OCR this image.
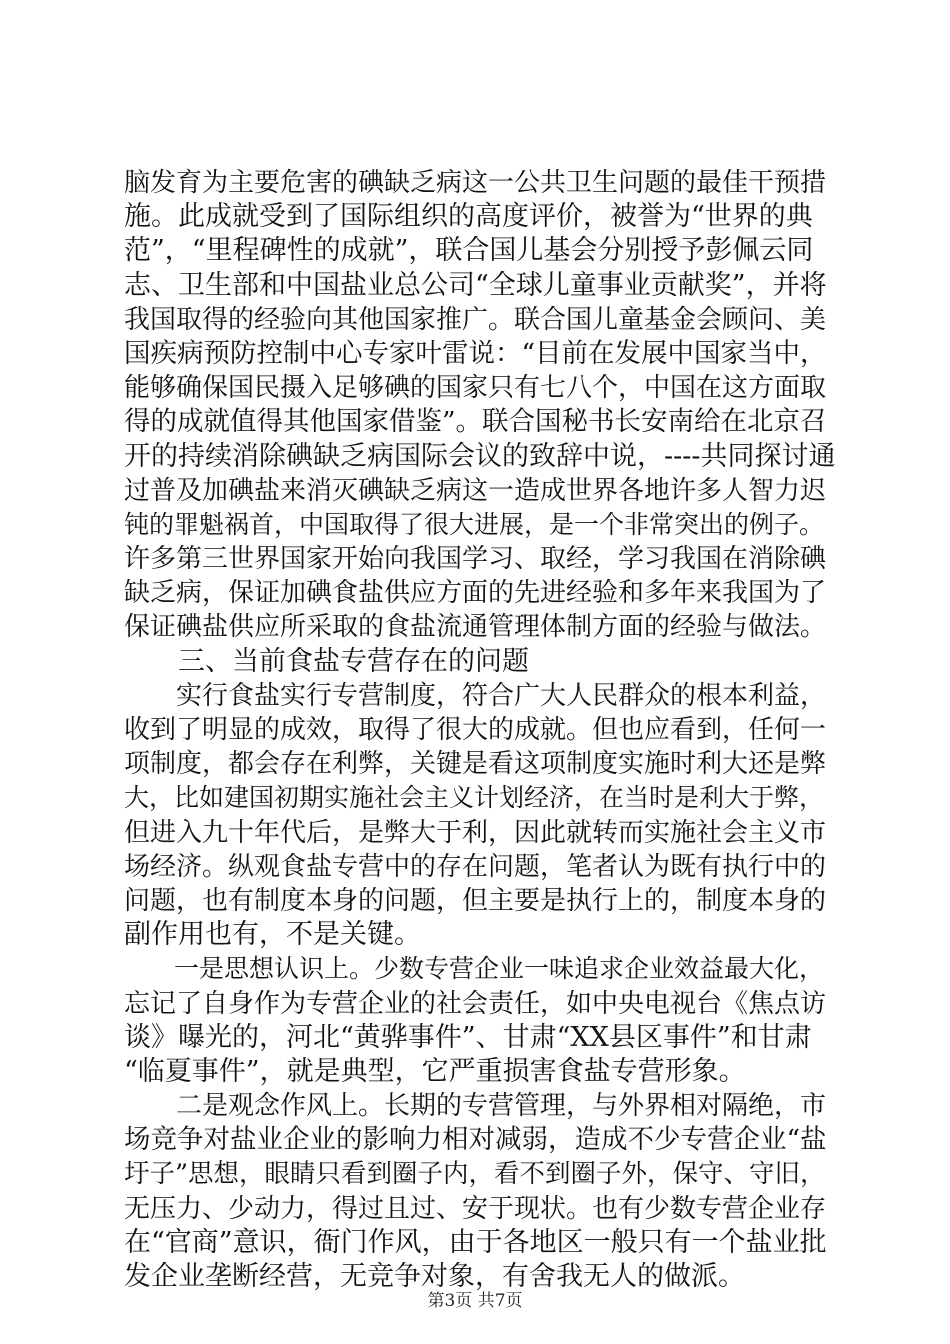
脑发育为主要危害的碘缺乏病这一公共卫生问题的最佳干预措
施。此成就受到了国际组织的高度评价，被誉为“世界的典
范”，“里程碑性的成就”，联合国儿基会分别授予彭佩云同
志、卫生部和中国盐业总公司“全球儿童事业贡献奖”，并将
我国取得的经验向其他国家推广。联合国儿童基金会顾问、美
国疾病预防控制中心专家叶雷说：“目前在发展中国家当中，
能够确保国民摄入足够碘的国家只有七八个，中国在这方面取
得的成就值得其他国家借鉴”。联合国秘书长安南给在北京召
开的持续消除碘缺乏病国际会议的致辞中说，----共同探讨通
过普及加碘盐来消灭碘缺乏病这一造成世界各地许多人智力迟
钝的罪魁祸首，中国取得了很大进展，是一个非常突出的例子。
许多第三世界国家开始向我国学习、取经，学习我国在消除碘
缺乏病，保证加碘食盐供应方面的先进经验和多年来我国为了
保证碘盐供应所采取的食盐流通管理体制方面的经验与做法。
　　三、当前食盐专营存在的问题
　　实行食盐实行专营制度，符合广大人民群众的根本利益，
收到了明显的成效，取得了很大的成就。但也应看到，任何一
项制度，都会存在利弊，关键是看这项制度实施时利大还是弊
大，比如建国初期实施社会主义计划经济，在当时是利大于弊，
但进入九十年代后，是弊大于利，因此就转而实施社会主义市
场经济。纵观食盐专营中的存在问题，笔者认为既有执行中的
问题，也有制度本身的问题，但主要是执行上的，制度本身的
副作用也有，不是关键。
　　一是思想认识上。少数专营企业一味追求企业效益最大化，
忘记了自身作为专营企业的社会责任，如中央电视台《焦点访
谈》曝光的，河北“黄骅事件”、甘肃“XX县区事件”和甘肃
“临夏事件”，就是典型，它严重损害食盐专营形象。
　　二是观念作风上。长期的专营管理，与外界相对隔绝，市
场竞争对盐业企业的影响力相对减弱，造成不少专营企业“盐
圩子”思想，眼睛只看到圈子内，看不到圈子外，保守、守旧，
无压力、少动力，得过且过、安于现状。也有少数专营企业存
在“官商”意识，衙门作风，由于各地区一般只有一个盐业批
发企业垄断经营，无竞争对象，有舍我无人的做派。
第3页 共7页
